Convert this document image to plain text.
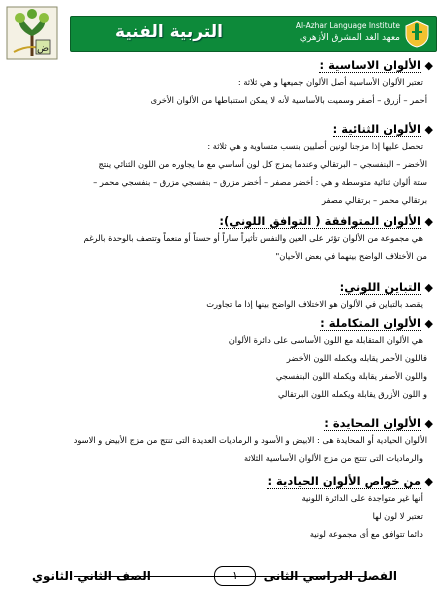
ض
التربية الفنية	Al-Azhar Language Institute
معهد الغد المشرق الأزهري
◆الألوان الاساسية :
تعتبر الألوان الأساسية أصل الألوان جميعها و هي ثلاثة :
أحمر – أزرق – أصفر وسميت بالأساسية لأنه لا يمكن استنباطها من الألوان الأخرى
◆الألوان الثنائية :
تحصل عليها إذا مزجنا لونين أصليين بنسب متساوية و هي ثلاثة :
الأخضر – البنفسجي – البرتقالي وعندما يمزج كل لون أساسي مع ما يجاوره من اللون الثنائي ينتج
ستة ألوان ثنائية متوسطة و هي : أخضر مصفر – أخضر مزرق – بنفسجي مزرق – بنفسجي محمر –
برتقالي محمر – برتقالي مصفر
◆الألوان المتوافقة ( التوافق اللوني):
هي مجموعة من الألوان تؤثر على العين والنفس تأثيراً ساراً أو حسناً أو منعماً وتتصف بالوحدة بالرغم
من الأختلاف الواضح بينهما في بعض الأحيان"
◆التباين اللوني:
يقصد بالتباين في الألوان هو الاختلاف الواضح بينها إذا ما تجاورت
◆الألوان المتكاملة :
هي الألوان المتقابلة مع اللون الأساسى على دائرة الألوان
فاللون الأحمر يقابله ويكمله اللون الأخضر
واللون الأصفر يقابلة ويكملة اللون البنفسجي
و اللون الأزرق يقابلة ويكمله اللون البرتقالي
◆الألوان المحايدة :
الألوان الحيادية أو المحايدة هى : الابيض و الأسود و الرماديات العديدة التى تنتج من مزج الأبيض و الاسود
والرماديات التى تنتج من مزج الألوان الأساسية الثلاثة
◆من خواص الألوان الحيادية :
أنها غير متواجدة على الدائرة اللونية
تعتبر لا لون لها
دائما تتوافق مع أى مجموعة لونية
الفصل الدراسي الثانى
١
الصف الثاني الثانوي
